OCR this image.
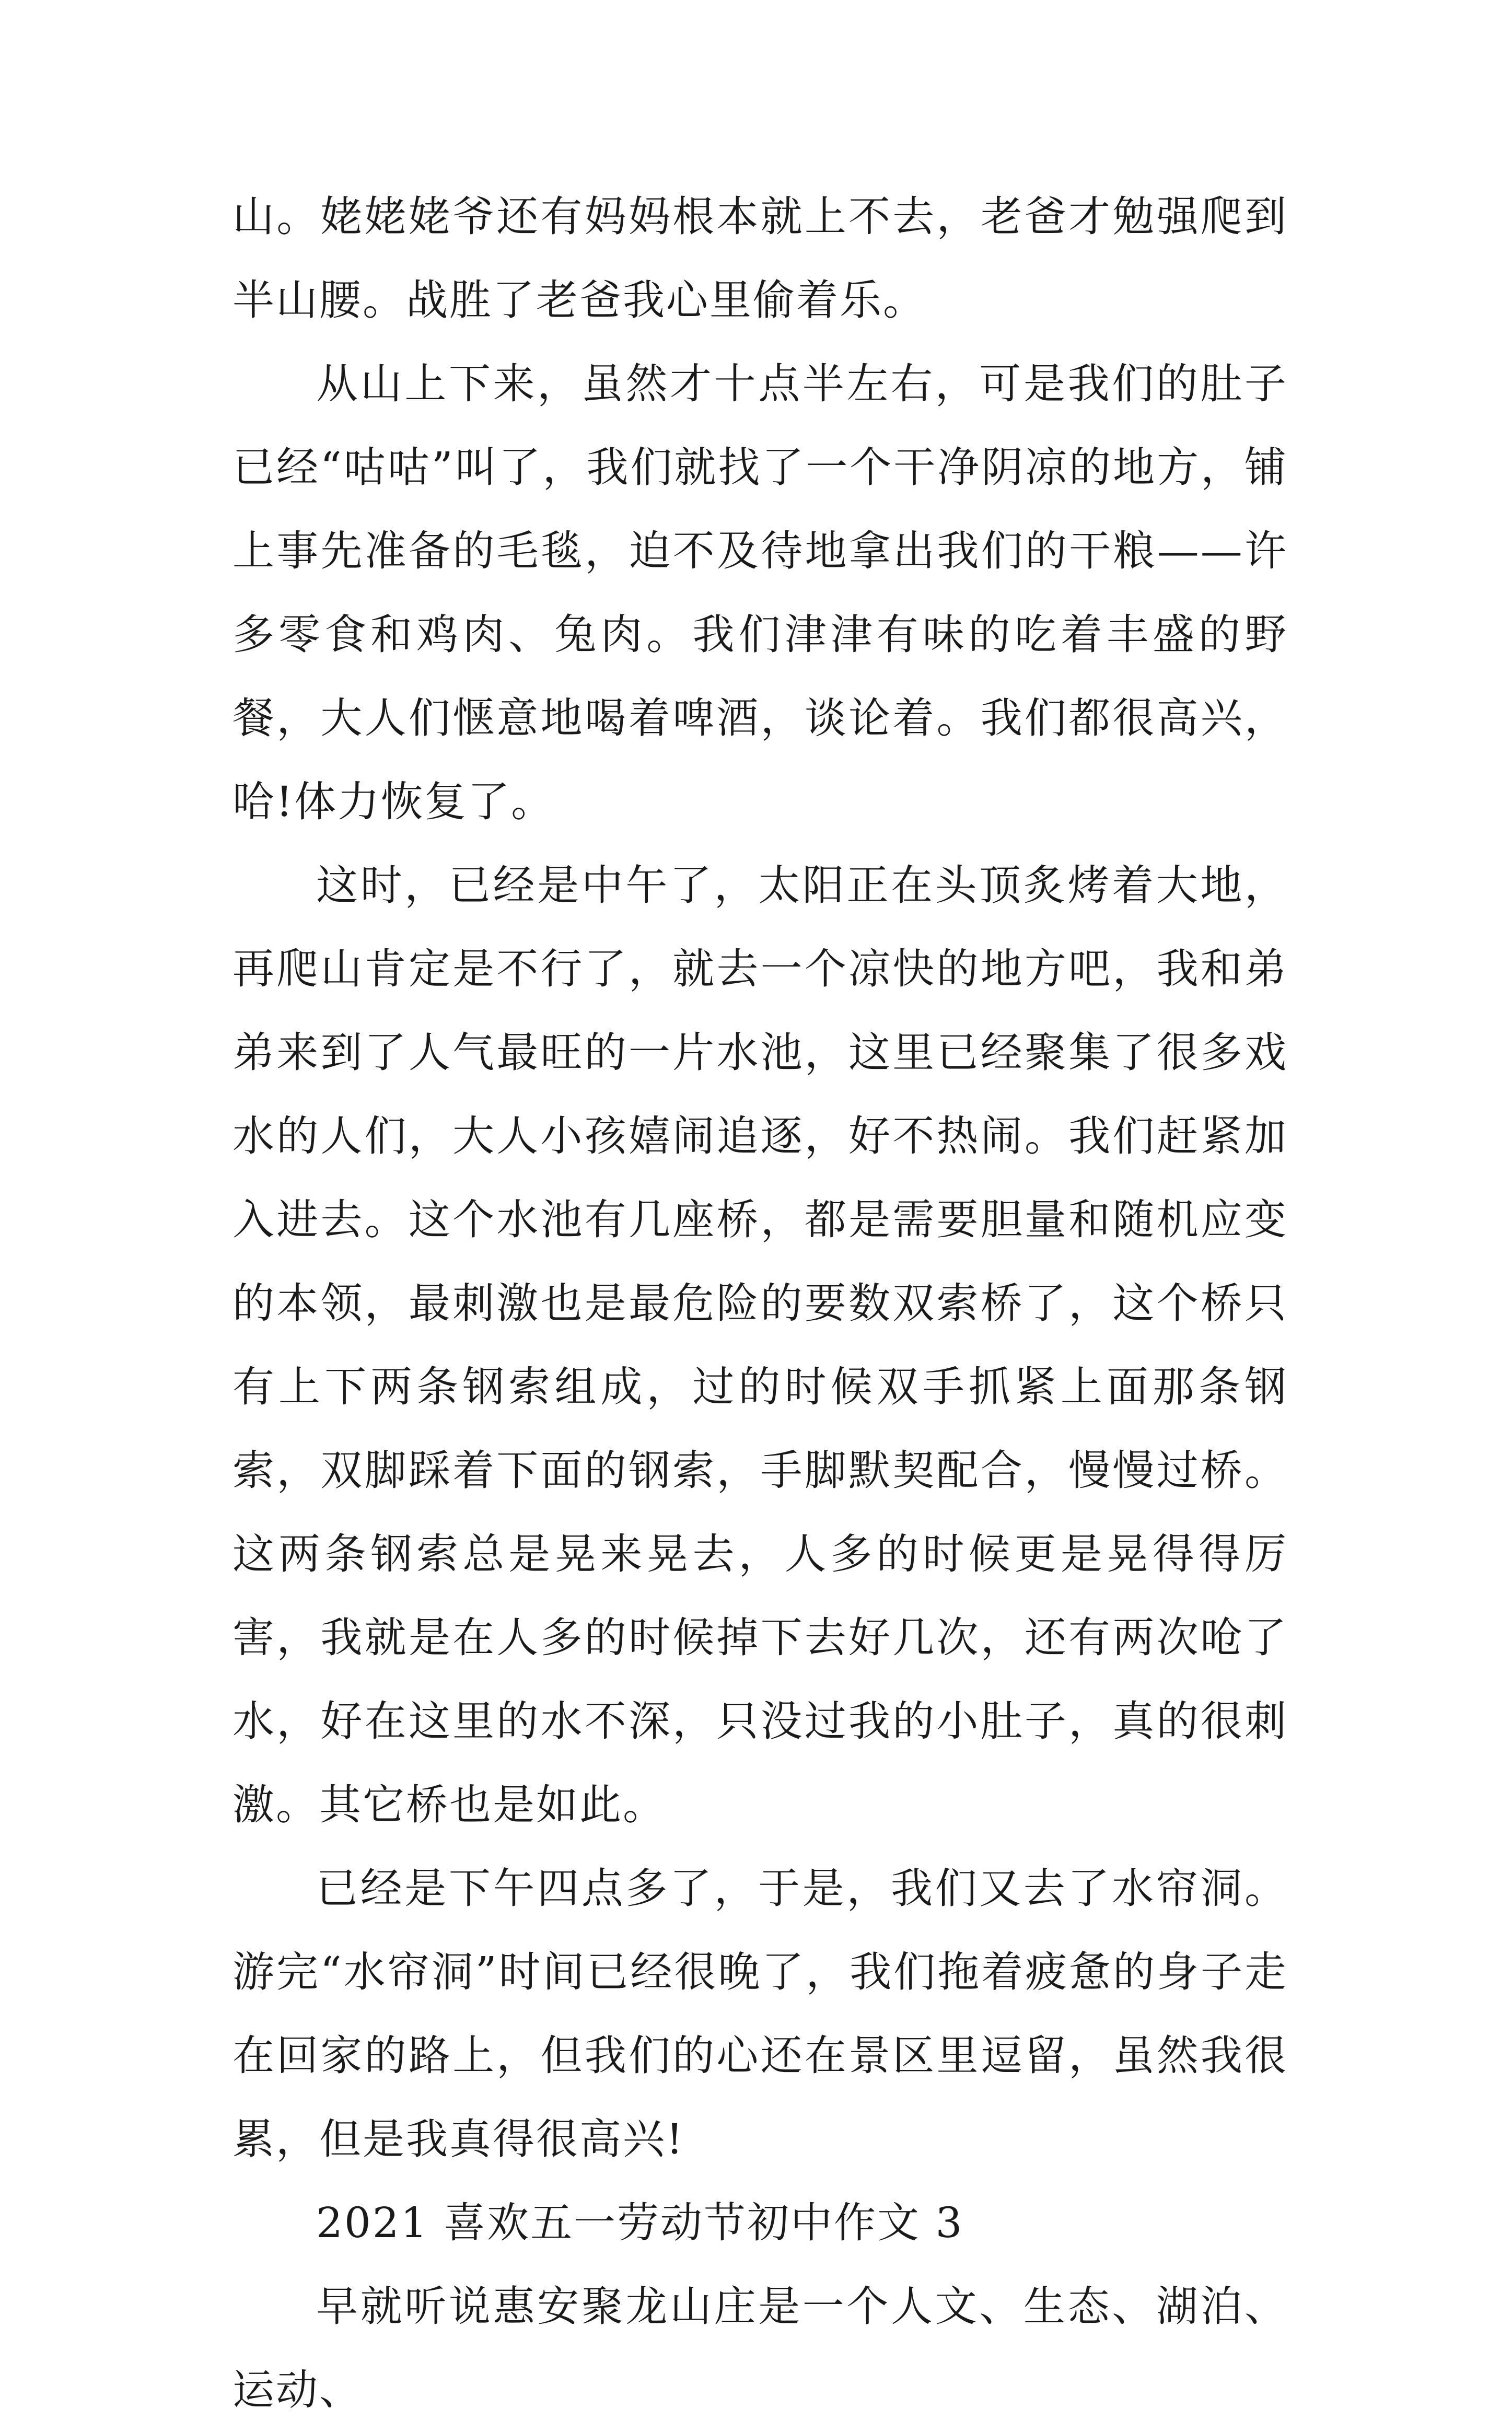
山。姥姥姥爷还有妈妈根本就上不去，老爸才勉强爬到半山腰。战胜了老爸我心里偷着乐。

从山上下来，虽然才十点半左右，可是我们的肚子已经“咕咕”叫了，我们就找了一个干净阴凉的地方，铺上事先准备的毛毯，迫不及待地拿出我们的干粮——许多零食和鸡肉、兔肉。我们津津有味的吃着丰盛的野餐，大人们惬意地喝着啤酒，谈论着。我们都很高兴，哈!体力恢复了。

这时，已经是中午了，太阳正在头顶炙烤着大地，再爬山肯定是不行了，就去一个凉快的地方吧，我和弟弟来到了人气最旺的一片水池，这里已经聚集了很多戏水的人们，大人小孩嬉闹追逐，好不热闹。我们赶紧加入进去。这个水池有几座桥，都是需要胆量和随机应变的本领，最刺激也是最危险的要数双索桥了，这个桥只有上下两条钢索组成，过的时候双手抓紧上面那条钢索，双脚踩着下面的钢索，手脚默契配合，慢慢过桥。这两条钢索总是晃来晃去，人多的时候更是晃得得厉害，我就是在人多的时候掉下去好几次，还有两次呛了水，好在这里的水不深，只没过我的小肚子，真的很刺激。其它桥也是如此。

已经是下午四点多了，于是，我们又去了水帘洞。游完“水帘洞”时间已经很晚了，我们拖着疲惫的身子走在回家的路上，但我们的心还在景区里逗留，虽然我很累，但是我真得很高兴!

2021 喜欢五一劳动节初中作文 3

早就听说惠安聚龙山庄是一个人文、生态、湖泊、运动、
